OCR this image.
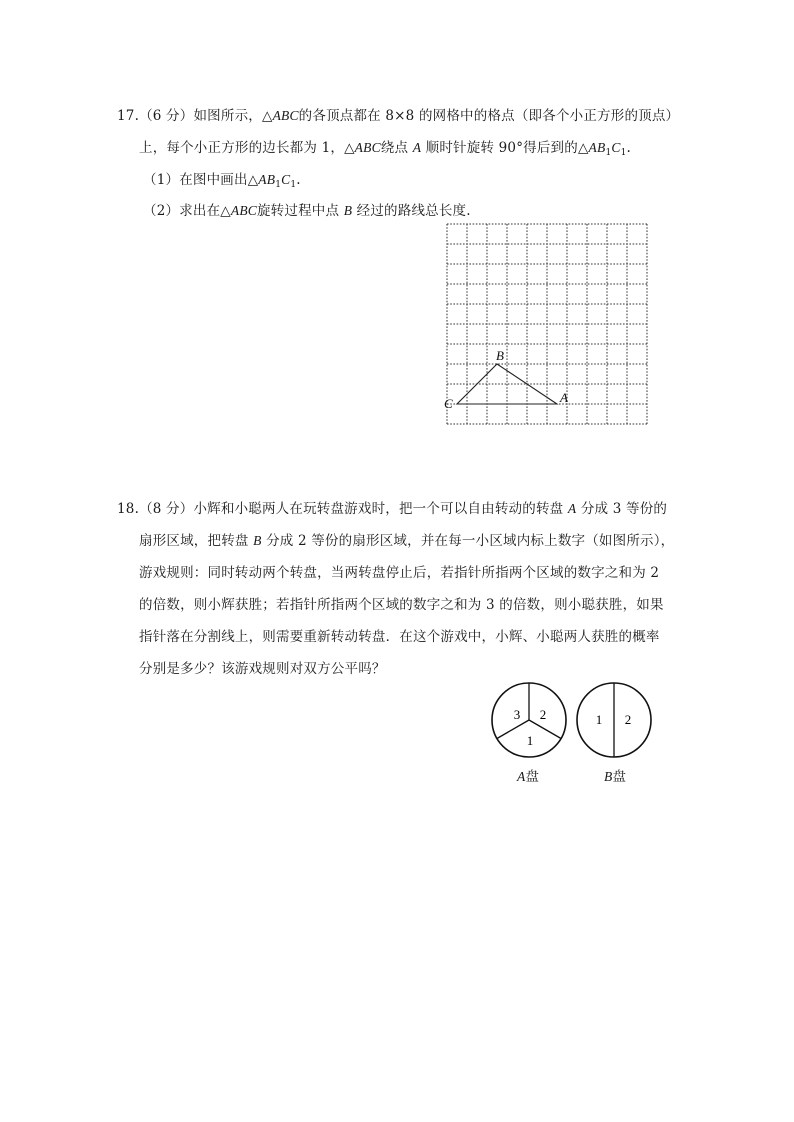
17.（6 分）如图所示，△ABC的各顶点都在 8×8 的网格中的格点（即各个小正方形的顶点）
上，每个小正方形的边长都为 1，△ABC绕点 A 顺时针旋转 90°得后到的$\triangle AB_1C_1$.
（1）在图中画出$\triangle AB_1C_1$.
（2）求出在△ABC旋转过程中点 B 经过的路线总长度.
B
C	A
18.（8 分）小辉和小聪两人在玩转盘游戏时，把一个可以自由转动的转盘 A 分成 3 等份的
扇形区域，把转盘 B 分成 2 等份的扇形区域，并在每一小区域内标上数字（如图所示），
游戏规则：同时转动两个转盘，当两转盘停止后，若指针所指两个区域的数字之和为 2
的倍数，则小辉获胜；若指针所指两个区域的数字之和为 3 的倍数，则小聪获胜，如果
指针落在分割线上，则需要重新转动转盘．在这个游戏中，小辉、小聪两人获胜的概率
分别是多少？该游戏规则对双方公平吗？
3 2
1
A盘
1 2
B盘
